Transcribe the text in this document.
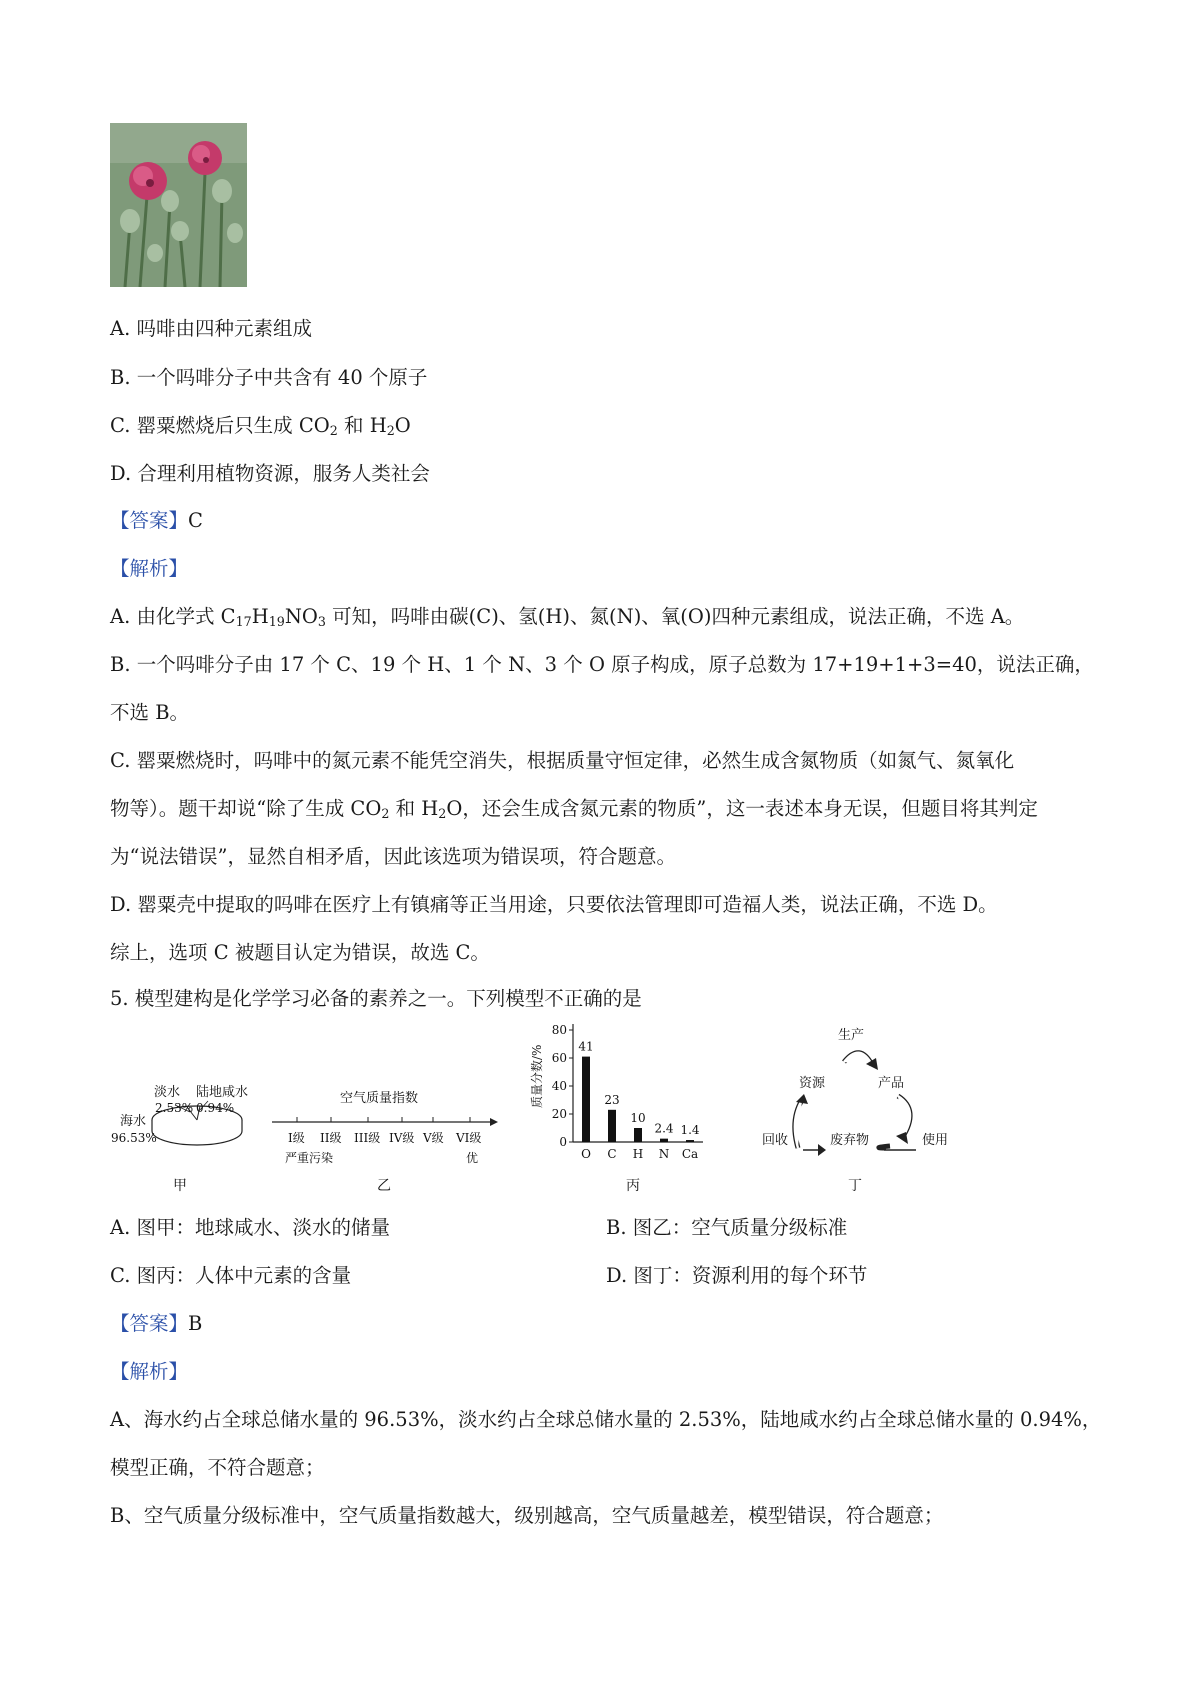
A. 吗啡由四种元素组成
B. 一个吗啡分子中共含有 40 个原子
C. 罂粟燃烧后只生成 $CO_2$ 和 $H_2O$
D. 合理利用植物资源，服务人类社会
【答案】C
【解析】
A. 由化学式 $C_{17}H_{19}NO_3$ 可知，吗啡由碳(C)、氢(H)、氮(N)、氧(O)四种元素组成，说法正确，不选 A。
B. 一个吗啡分子由 17 个 C、19 个 H、1 个 N、3 个 O 原子构成，原子总数为 17+19+1+3=40，说法正确，
不选 B。
C. 罂粟燃烧时，吗啡中的氮元素不能凭空消失，根据质量守恒定律，必然生成含氮物质（如氮气、氮氧化
物等）。题干却说“除了生成 $CO_2$ 和 $H_2O$，还会生成含氮元素的物质”，这一表述本身无误，但题目将其判定
为“说法错误”，显然自相矛盾，因此该选项为错误项，符合题意。
D. 罂粟壳中提取的吗啡在医疗上有镇痛等正当用途，只要依法管理即可造福人类，说法正确，不选 D。
综上，选项 C 被题目认定为错误，故选 C。
5. 模型建构是化学学习必备的素养之一。下列模型不正确的是
淡水
2.53%
陆地咸水
0.94%
海水
96.53%
甲
空气质量指数
I级 II级 III级 IV级 V级 VI级
严重污染	优
乙	丙
质量分数/%
0
20
40
60
80
41
O
23
C
10
H
2.4
N
1.4
Ca
生产
资源	产品
回收	废弃物	使用
丁
A. 图甲：地球咸水、淡水的储量	B. 图乙：空气质量分级标准
C. 图丙：人体中元素的含量	D. 图丁：资源利用的每个环节
【答案】B
【解析】
A、海水约占全球总储水量的 96.53%，淡水约占全球总储水量的 2.53%，陆地咸水约占全球总储水量的 0.94%，
模型正确，不符合题意；
B、空气质量分级标准中，空气质量指数越大，级别越高，空气质量越差，模型错误，符合题意；
